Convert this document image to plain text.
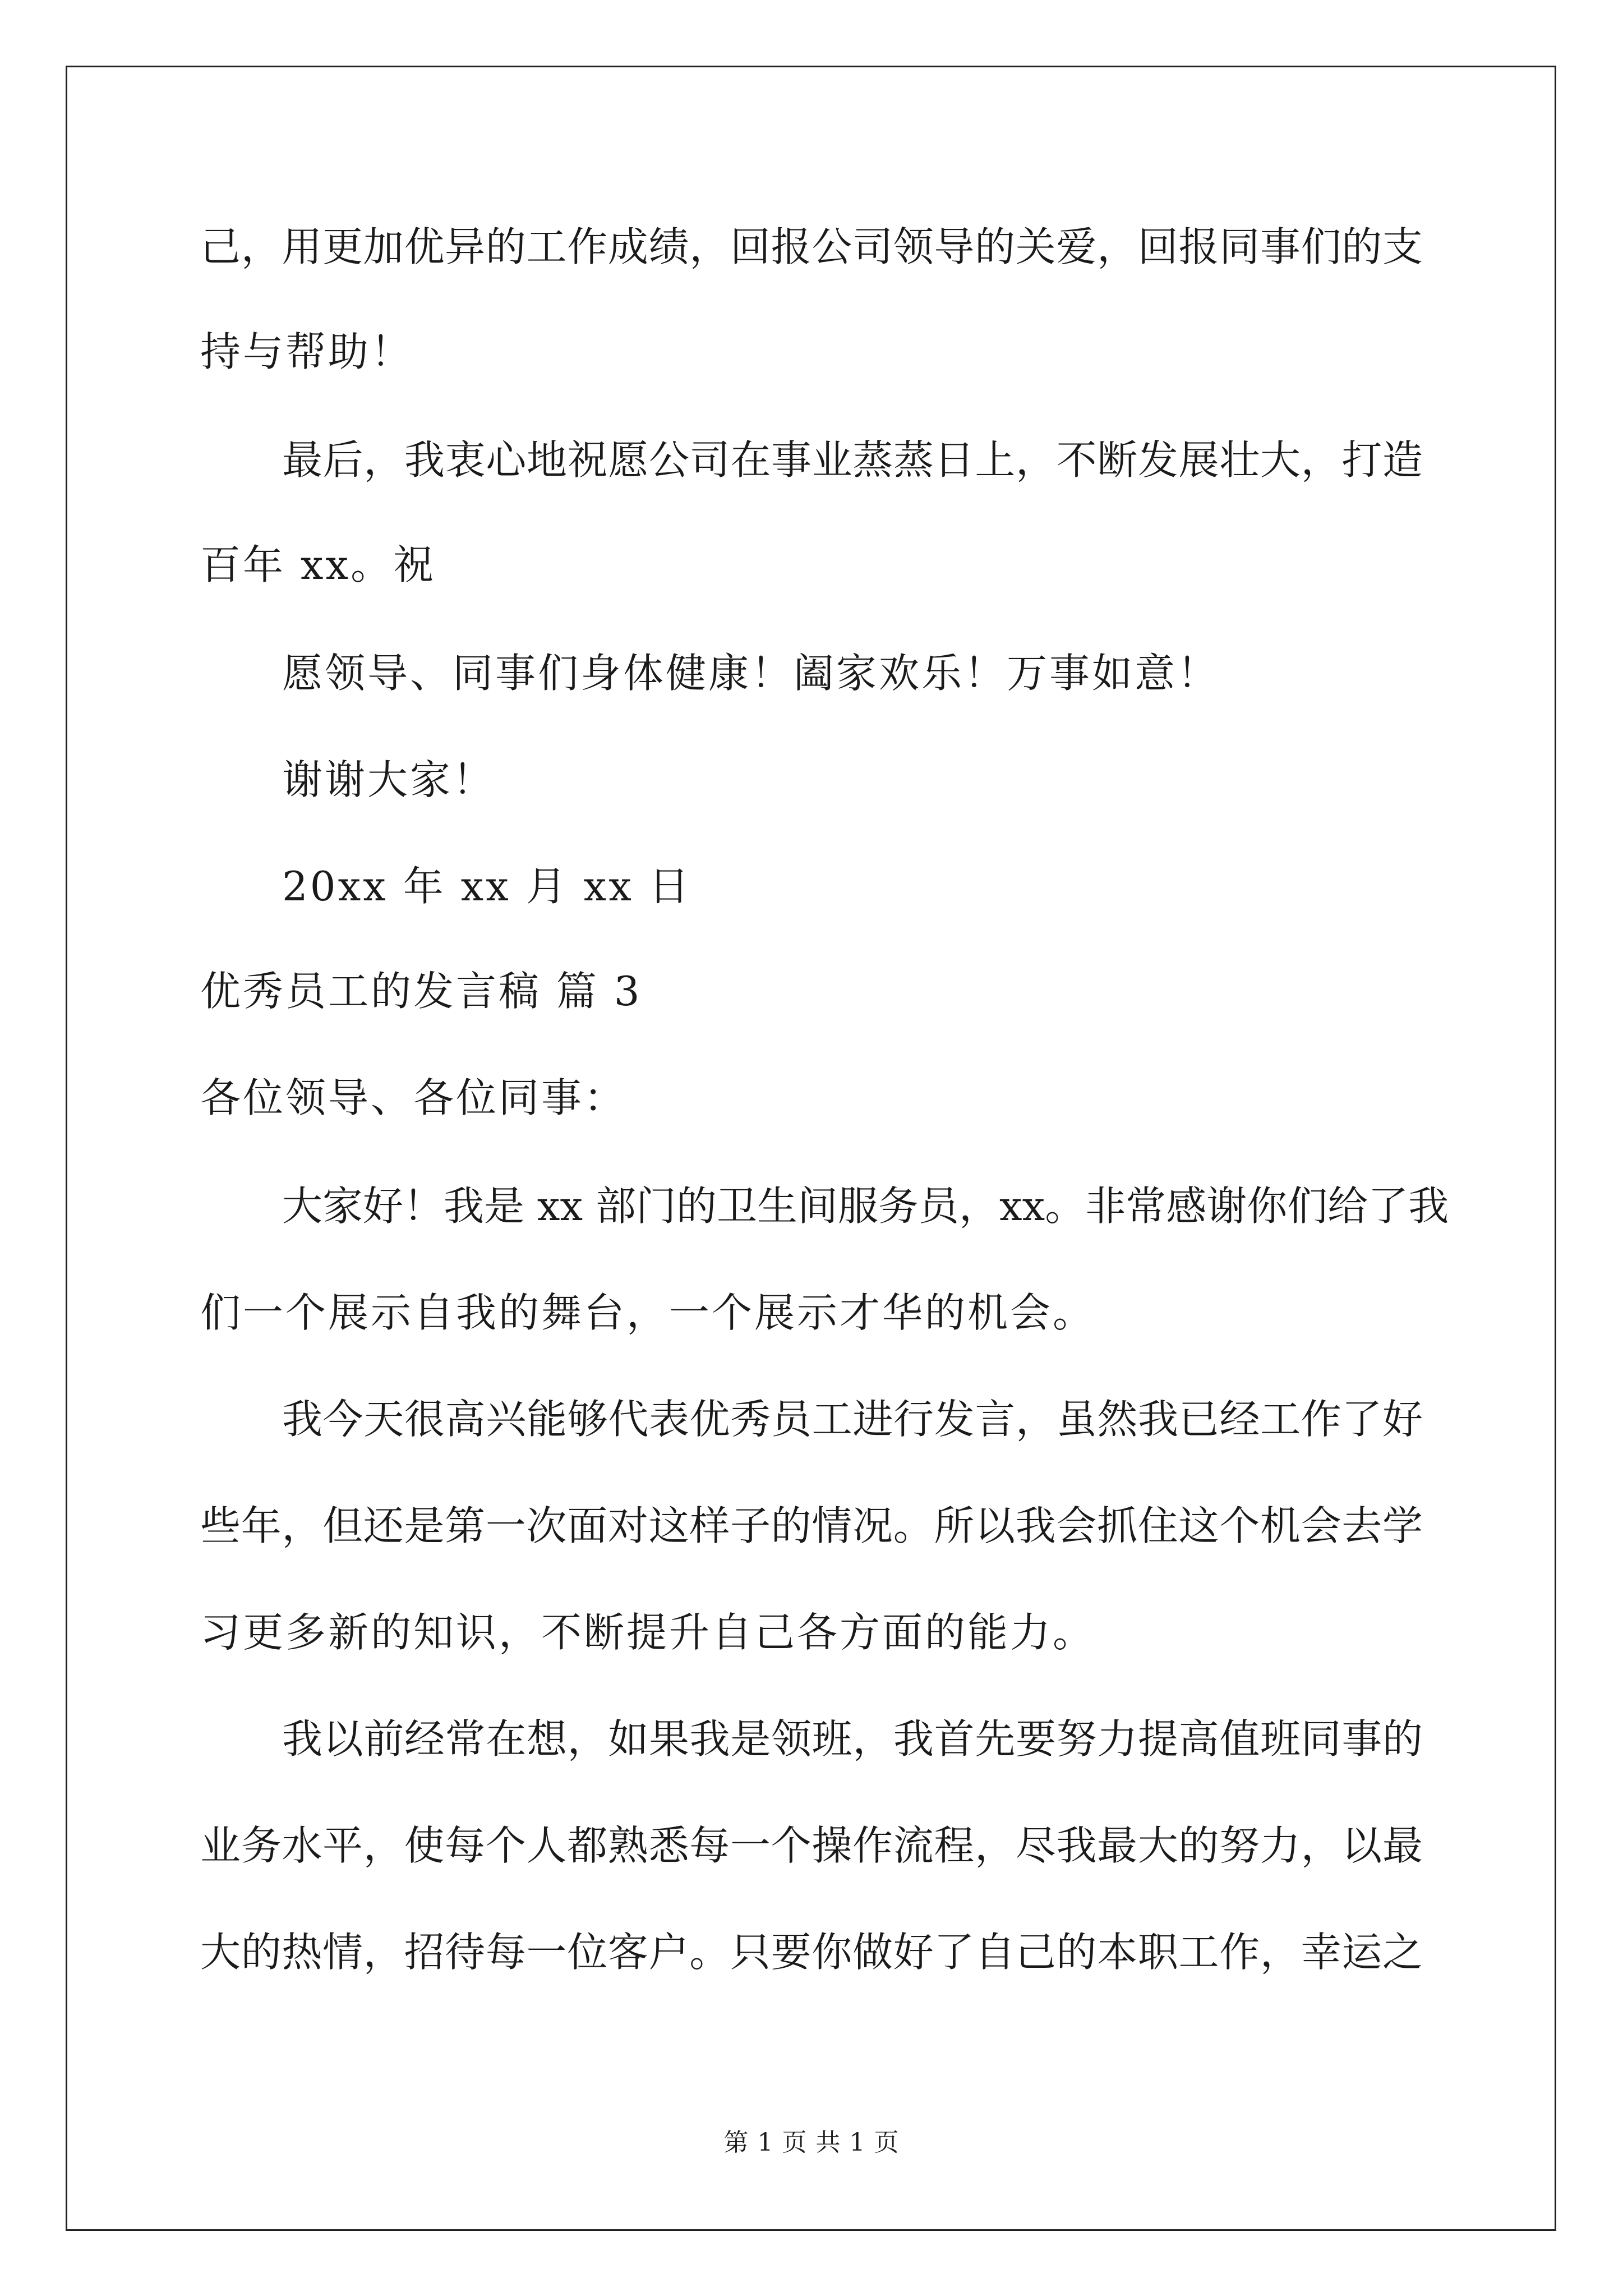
己，用更加优异的工作成绩，回报公司领导的关爱，回报同事们的支
持与帮助！
最后，我衷心地祝愿公司在事业蒸蒸日上，不断发展壮大，打造
百年 xx。祝
愿领导、同事们身体健康！阖家欢乐！万事如意！
谢谢大家！
20xx 年 xx 月 xx 日
优秀员工的发言稿 篇 3
各位领导、各位同事：
大家好！我是 xx 部门的卫生间服务员，xx。非常感谢你们给了我
们一个展示自我的舞台，一个展示才华的机会。
我今天很高兴能够代表优秀员工进行发言，虽然我已经工作了好
些年，但还是第一次面对这样子的情况。所以我会抓住这个机会去学
习更多新的知识，不断提升自己各方面的能力。
我以前经常在想，如果我是领班，我首先要努力提高值班同事的
业务水平，使每个人都熟悉每一个操作流程，尽我最大的努力，以最
大的热情，招待每一位客户。只要你做好了自己的本职工作，幸运之
第 1 页 共 1 页
